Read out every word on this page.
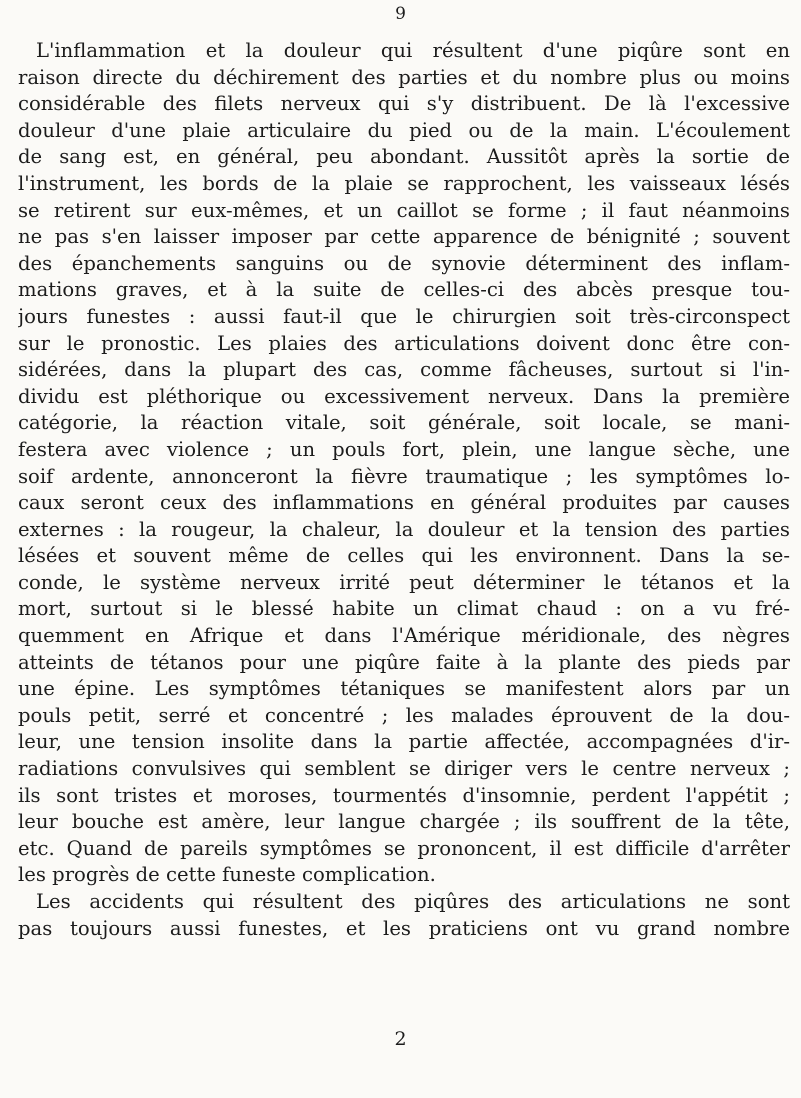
9
L'inflammation et la douleur qui résultent d'une piqûre sont en
raison directe du déchirement des parties et du nombre plus ou moins
considérable des filets nerveux qui s'y distribuent. De là l'excessive
douleur d'une plaie articulaire du pied ou de la main. L'écoulement
de sang est, en général, peu abondant. Aussitôt après la sortie de
l'instrument, les bords de la plaie se rapprochent, les vaisseaux lésés
se retirent sur eux-mêmes, et un caillot se forme ; il faut néanmoins
ne pas s'en laisser imposer par cette apparence de bénignité ; souvent
des épanchements sanguins ou de synovie déterminent des inflam-
mations graves, et à la suite de celles-ci des abcès presque tou-
jours funestes : aussi faut-il que le chirurgien soit très-circonspect
sur le pronostic. Les plaies des articulations doivent donc être con-
sidérées, dans la plupart des cas, comme fâcheuses, surtout si l'in-
dividu est pléthorique ou excessivement nerveux. Dans la première
catégorie, la réaction vitale, soit générale, soit locale, se mani-
festera avec violence ; un pouls fort, plein, une langue sèche, une
soif ardente, annonceront la fièvre traumatique ; les symptômes lo-
caux seront ceux des inflammations en général produites par causes
externes : la rougeur, la chaleur, la douleur et la tension des parties
lésées et souvent même de celles qui les environnent. Dans la se-
conde, le système nerveux irrité peut déterminer le tétanos et la
mort, surtout si le blessé habite un climat chaud : on a vu fré-
quemment en Afrique et dans l'Amérique méridionale, des nègres
atteints de tétanos pour une piqûre faite à la plante des pieds par
une épine. Les symptômes tétaniques se manifestent alors par un
pouls petit, serré et concentré ; les malades éprouvent de la dou-
leur, une tension insolite dans la partie affectée, accompagnées d'ir-
radiations convulsives qui semblent se diriger vers le centre nerveux ;
ils sont tristes et moroses, tourmentés d'insomnie, perdent l'appétit ;
leur bouche est amère, leur langue chargée ; ils souffrent de la tête,
etc. Quand de pareils symptômes se prononcent, il est difficile d'arrêter
les progrès de cette funeste complication.
Les accidents qui résultent des piqûres des articulations ne sont
pas toujours aussi funestes, et les praticiens ont vu grand nombre
2
